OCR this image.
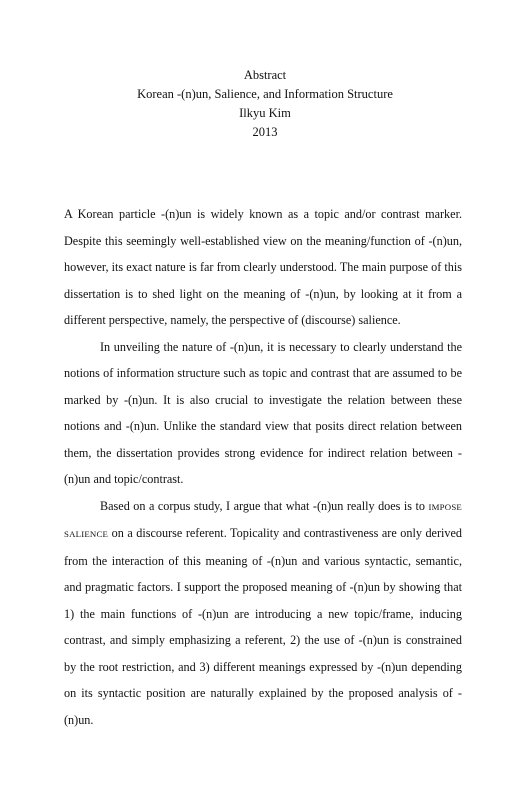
Abstract
Korean -(n)un, Salience, and Information Structure
Ilkyu Kim
2013

A Korean particle -(n)un is widely known as a topic and/or contrast marker. Despite this seemingly well-established view on the meaning/function of -(n)un, however, its exact nature is far from clearly understood. The main purpose of this dissertation is to shed light on the meaning of -(n)un, by looking at it from a different perspective, namely, the perspective of (discourse) salience.

In unveiling the nature of -(n)un, it is necessary to clearly understand the notions of information structure such as topic and contrast that are assumed to be marked by -(n)un. It is also crucial to investigate the relation between these notions and -(n)un. Unlike the standard view that posits direct relation between them, the dissertation provides strong evidence for indirect relation between -(n)un and topic/contrast.

Based on a corpus study, I argue that what -(n)un really does is to IMPOSE SALIENCE on a discourse referent. Topicality and contrastiveness are only derived from the interaction of this meaning of -(n)un and various syntactic, semantic, and pragmatic factors. I support the proposed meaning of -(n)un by showing that 1) the main functions of -(n)un are introducing a new topic/frame, inducing contrast, and simply emphasizing a referent, 2) the use of -(n)un is constrained by the root restriction, and 3) different meanings expressed by -(n)un depending on its syntactic position are naturally explained by the proposed analysis of -(n)un.
